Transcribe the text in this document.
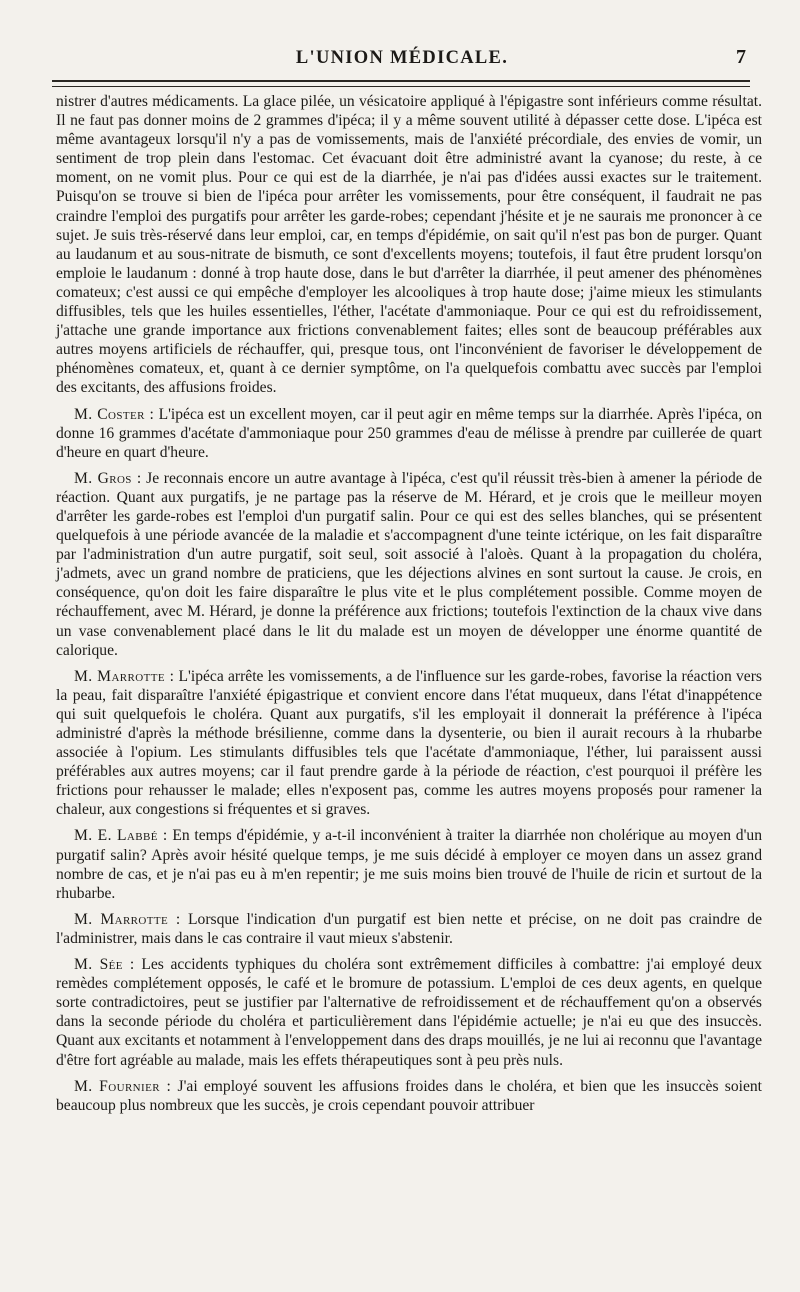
L'UNION MÉDICALE.	7

nistrer d'autres médicaments. La glace pilée, un vésicatoire appliqué à l'épigastre sont inférieurs comme résultat. Il ne faut pas donner moins de 2 grammes d'ipéca; il y a même souvent utilité à dépasser cette dose. L'ipéca est même avantageux lorsqu'il n'y a pas de vomissements, mais de l'anxiété précordiale, des envies de vomir, un sentiment de trop plein dans l'estomac. Cet évacuant doit être administré avant la cyanose; du reste, à ce moment, on ne vomit plus. Pour ce qui est de la diarrhée, je n'ai pas d'idées aussi exactes sur le traitement. Puisqu'on se trouve si bien de l'ipéca pour arrêter les vomissements, pour être conséquent, il faudrait ne pas craindre l'emploi des purgatifs pour arrêter les garde-robes; cependant j'hésite et je ne saurais me prononcer à ce sujet. Je suis très-réservé dans leur emploi, car, en temps d'épidémie, on sait qu'il n'est pas bon de purger. Quant au laudanum et au sous-nitrate de bismuth, ce sont d'excellents moyens; toutefois, il faut être prudent lorsqu'on emploie le laudanum : donné à trop haute dose, dans le but d'arrêter la diarrhée, il peut amener des phénomènes comateux; c'est aussi ce qui empêche d'employer les alcooliques à trop haute dose; j'aime mieux les stimulants diffusibles, tels que les huiles essentielles, l'éther, l'acétate d'ammoniaque. Pour ce qui est du refroidissement, j'attache une grande importance aux frictions convenablement faites; elles sont de beaucoup préférables aux autres moyens artificiels de réchauffer, qui, presque tous, ont l'inconvénient de favoriser le développement de phénomènes comateux, et, quant à ce dernier symptôme, on l'a quelquefois combattu avec succès par l'emploi des excitants, des affusions froides.

M. Coster : L'ipéca est un excellent moyen, car il peut agir en même temps sur la diarrhée. Après l'ipéca, on donne 16 grammes d'acétate d'ammoniaque pour 250 grammes d'eau de mélisse à prendre par cuillerée de quart d'heure en quart d'heure.

M. Gros : Je reconnais encore un autre avantage à l'ipéca, c'est qu'il réussit très-bien à amener la période de réaction. Quant aux purgatifs, je ne partage pas la réserve de M. Hérard, et je crois que le meilleur moyen d'arrêter les garde-robes est l'emploi d'un purgatif salin. Pour ce qui est des selles blanches, qui se présentent quelquefois à une période avancée de la maladie et s'accompagnent d'une teinte ictérique, on les fait disparaître par l'administration d'un autre purgatif, soit seul, soit associé à l'aloès. Quant à la propagation du choléra, j'admets, avec un grand nombre de praticiens, que les déjections alvines en sont surtout la cause. Je crois, en conséquence, qu'on doit les faire disparaître le plus vite et le plus complétement possible. Comme moyen de réchauffement, avec M. Hérard, je donne la préférence aux frictions; toutefois l'extinction de la chaux vive dans un vase convenablement placé dans le lit du malade est un moyen de développer une énorme quantité de calorique.

M. Marrotte : L'ipéca arrête les vomissements, a de l'influence sur les garde-robes, favorise la réaction vers la peau, fait disparaître l'anxiété épigastrique et convient encore dans l'état muqueux, dans l'état d'inappétence qui suit quelquefois le choléra. Quant aux purgatifs, s'il les employait il donnerait la préférence à l'ipéca administré d'après la méthode brésilienne, comme dans la dysenterie, ou bien il aurait recours à la rhubarbe associée à l'opium. Les stimulants diffusibles tels que l'acétate d'ammoniaque, l'éther, lui paraissent aussi préférables aux autres moyens; car il faut prendre garde à la période de réaction, c'est pourquoi il préfère les frictions pour rehausser le malade; elles n'exposent pas, comme les autres moyens proposés pour ramener la chaleur, aux congestions si fréquentes et si graves.

M. E. Labbé : En temps d'épidémie, y a-t-il inconvénient à traiter la diarrhée non cholérique au moyen d'un purgatif salin? Après avoir hésité quelque temps, je me suis décidé à employer ce moyen dans un assez grand nombre de cas, et je n'ai pas eu à m'en repentir; je me suis moins bien trouvé de l'huile de ricin et surtout de la rhubarbe.

M. Marrotte : Lorsque l'indication d'un purgatif est bien nette et précise, on ne doit pas craindre de l'administrer, mais dans le cas contraire il vaut mieux s'abstenir.

M. Sée : Les accidents typhiques du choléra sont extrêmement difficiles à combattre: j'ai employé deux remèdes complétement opposés, le café et le bromure de potassium. L'emploi de ces deux agents, en quelque sorte contradictoires, peut se justifier par l'alternative de refroidissement et de réchauffement qu'on a observés dans la seconde période du choléra et particulièrement dans l'épidémie actuelle; je n'ai eu que des insuccès. Quant aux excitants et notamment à l'enveloppement dans des draps mouillés, je ne lui ai reconnu que l'avantage d'être fort agréable au malade, mais les effets thérapeutiques sont à peu près nuls.

M. Fournier : J'ai employé souvent les affusions froides dans le choléra, et bien que les insuccès soient beaucoup plus nombreux que les succès, je crois cependant pouvoir attribuer
